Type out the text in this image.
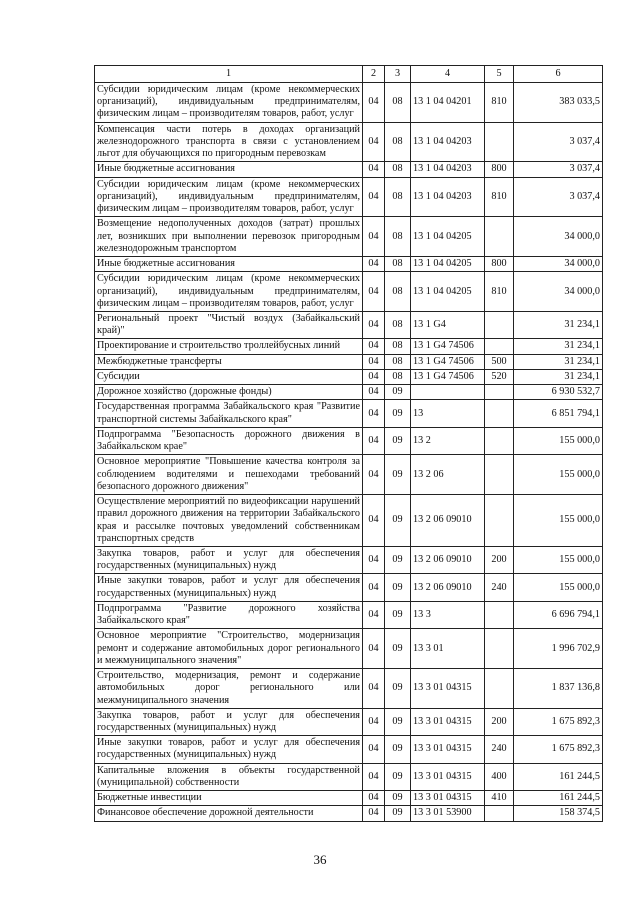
1	2	3	4	5	6
Субсидии юридическим лицам (кроме некоммерческих организаций), индивидуальным предпринимателям, физическим лицам – производителям товаров, работ, услуг	04	08	13 1 04 04201	810	383 033,5
Компенсация части потерь в доходах организаций железнодорожного транспорта в связи с установлением льгот для обучающихся по пригородным перевозкам	04	08	13 1 04 04203		3 037,4
Иные бюджетные ассигнования	04	08	13 1 04 04203	800	3 037,4
Субсидии юридическим лицам (кроме некоммерческих организаций), индивидуальным предпринимателям, физическим лицам – производителям товаров, работ, услуг	04	08	13 1 04 04203	810	3 037,4
Возмещение недополученных доходов (затрат) прошлых лет, возникших при выполнении перевозок пригородным железнодорожным транспортом	04	08	13 1 04 04205		34 000,0
Иные бюджетные ассигнования	04	08	13 1 04 04205	800	34 000,0
Субсидии юридическим лицам (кроме некоммерческих организаций), индивидуальным предпринимателям, физическим лицам – производителям товаров, работ, услуг	04	08	13 1 04 04205	810	34 000,0
Региональный проект "Чистый воздух (Забайкальский край)"	04	08	13 1 G4		31 234,1
Проектирование и строительство троллейбусных линий	04	08	13 1 G4 74506		31 234,1
Межбюджетные трансферты	04	08	13 1 G4 74506	500	31 234,1
Субсидии	04	08	13 1 G4 74506	520	31 234,1
Дорожное хозяйство (дорожные фонды)	04	09			6 930 532,7
Государственная программа Забайкальского края "Развитие транспортной системы Забайкальского края"	04	09	13		6 851 794,1
Подпрограмма "Безопасность дорожного движения в Забайкальском крае"	04	09	13 2		155 000,0
Основное мероприятие "Повышение качества контроля за соблюдением водителями и пешеходами требований безопасного дорожного движения"	04	09	13 2 06		155 000,0
Осуществление мероприятий по видеофиксации нарушений правил дорожного движения на территории Забайкальского края и рассылке почтовых уведомлений собственникам транспортных средств	04	09	13 2 06 09010		155 000,0
Закупка товаров, работ и услуг для обеспечения государственных (муниципальных) нужд	04	09	13 2 06 09010	200	155 000,0
Иные закупки товаров, работ и услуг для обеспечения государственных (муниципальных) нужд	04	09	13 2 06 09010	240	155 000,0
Подпрограмма "Развитие дорожного хозяйства Забайкальского края"	04	09	13 3		6 696 794,1
Основное мероприятие "Строительство, модернизация ремонт и содержание автомобильных дорог регионального и межмуниципального значения"	04	09	13 3 01		1 996 702,9
Строительство, модернизация, ремонт и содержание автомобильных дорог регионального или межмуниципального значения	04	09	13 3 01 04315		1 837 136,8
Закупка товаров, работ и услуг для обеспечения государственных (муниципальных) нужд	04	09	13 3 01 04315	200	1 675 892,3
Иные закупки товаров, работ и услуг для обеспечения государственных (муниципальных) нужд	04	09	13 3 01 04315	240	1 675 892,3
Капитальные вложения в объекты государственной (муниципальной) собственности	04	09	13 3 01 04315	400	161 244,5
Бюджетные инвестиции	04	09	13 3 01 04315	410	161 244,5
Финансовое обеспечение дорожной деятельности	04	09	13 3 01 53900		158 374,5
36
